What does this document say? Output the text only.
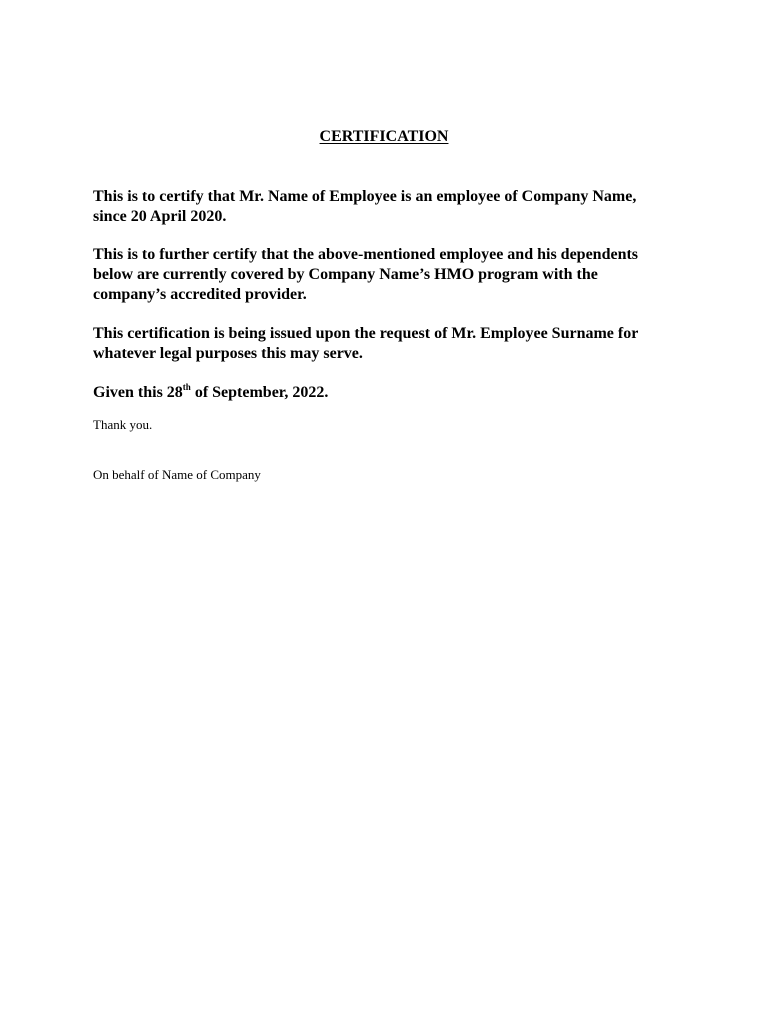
CERTIFICATION

This is to certify that Mr. Name of Employee is an employee of Company Name, since 20 April 2020.

This is to further certify that the above-mentioned employee and his dependents below are currently covered by Company Name’s HMO program with the company’s accredited provider.

This certification is being issued upon the request of Mr. Employee Surname for whatever legal purposes this may serve.

Given this 28th of September, 2022.

Thank you.

On behalf of Name of Company
